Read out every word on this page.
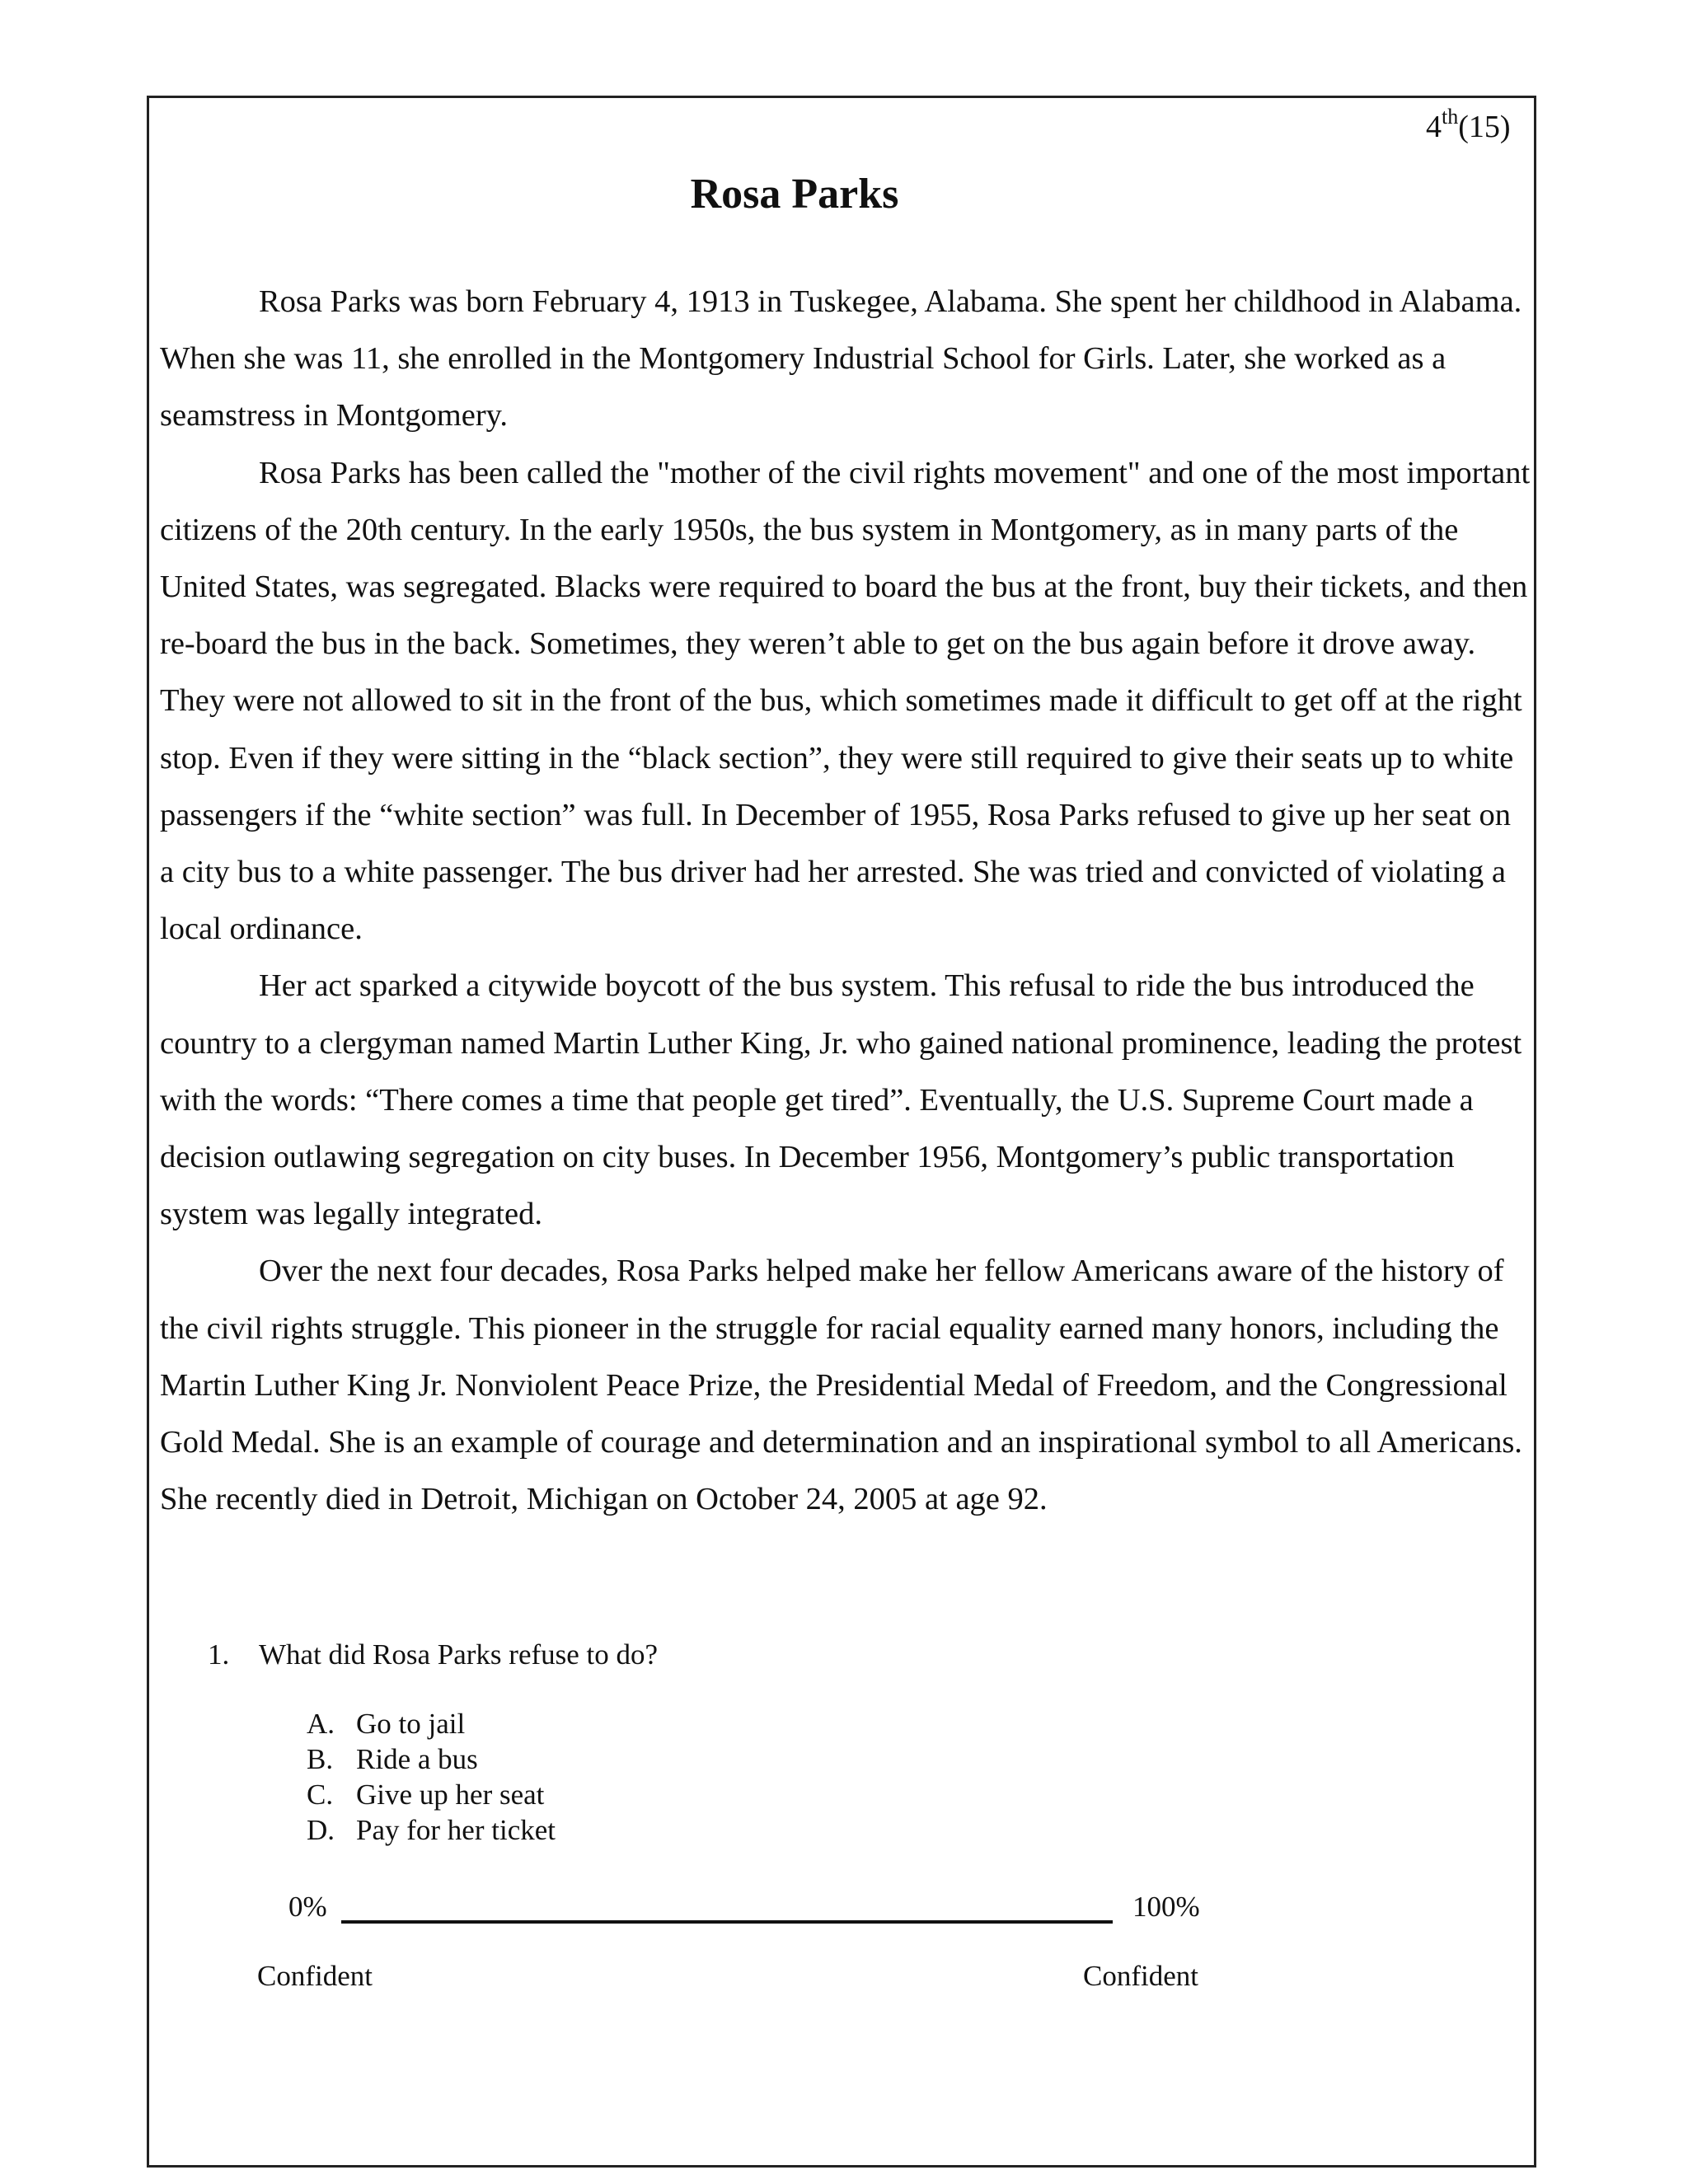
4th(15)
Rosa Parks

Rosa Parks was born February 4, 1913 in Tuskegee, Alabama. She spent her childhood in Alabama. When she was 11, she enrolled in the Montgomery Industrial School for Girls. Later, she worked as a seamstress in Montgomery.

Rosa Parks has been called the "mother of the civil rights movement" and one of the most important citizens of the 20th century. In the early 1950s, the bus system in Montgomery, as in many parts of the United States, was segregated. Blacks were required to board the bus at the front, buy their tickets, and then re-board the bus in the back. Sometimes, they weren’t able to get on the bus again before it drove away. They were not allowed to sit in the front of the bus, which sometimes made it difficult to get off at the right stop. Even if they were sitting in the “black section”, they were still required to give their seats up to white passengers if the “white section” was full. In December of 1955, Rosa Parks refused to give up her seat on a city bus to a white passenger. The bus driver had her arrested. She was tried and convicted of violating a local ordinance.

Her act sparked a citywide boycott of the bus system. This refusal to ride the bus introduced the country to a clergyman named Martin Luther King, Jr. who gained national prominence, leading the protest with the words: “There comes a time that people get tired”. Eventually, the U.S. Supreme Court made a decision outlawing segregation on city buses. In December 1956, Montgomery’s public transportation system was legally integrated.

Over the next four decades, Rosa Parks helped make her fellow Americans aware of the history of the civil rights struggle. This pioneer in the struggle for racial equality earned many honors, including the Martin Luther King Jr. Nonviolent Peace Prize, the Presidential Medal of Freedom, and the Congressional Gold Medal. She is an example of courage and determination and an inspirational symbol to all Americans. She recently died in Detroit, Michigan on October 24, 2005 at age 92.

1. What did Rosa Parks refuse to do?
A. Go to jail
B. Ride a bus
C. Give up her seat
D. Pay for her ticket
0%	100%
Confident	Confident
